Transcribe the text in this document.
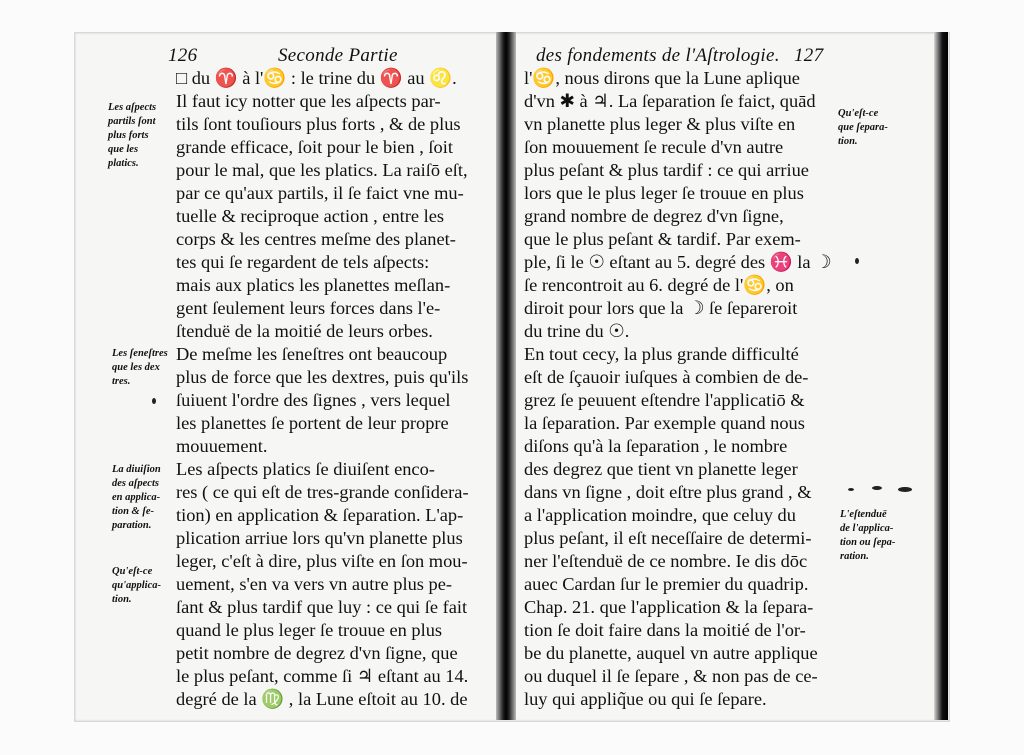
126	Seconde Partie
□ du ♈ à l'♋ : le trine du ♈ au ♌.
Il faut icy notter que les aſpects par-
tils ſont touſiours plus forts , & de plus
grande efficace, ſoit pour le bien , ſoit
pour le mal, que les platics. La raiſō eſt,
par ce qu'aux partils, il ſe faict vne mu-
tuelle & reciproque action , entre les
corps & les centres meſme des planet-
tes qui ſe regardent de tels aſpects:
mais aux platics les planettes meſlan-
gent ſeulement leurs forces dans l'e-
ſtenduë de la moitié de leurs orbes.
De meſme les ſeneſtres ont beaucoup
plus de force que les dextres, puis qu'ils
ſuiuent l'ordre des ſignes , vers lequel
les planettes ſe portent de leur propre
mouuement.
Les aſpects platics ſe diuiſent enco-
res ( ce qui eſt de tres-grande conſidera-
tion) en application & ſeparation. L'ap-
plication arriue lors qu'vn planette plus
leger, c'eſt à dire, plus viſte en ſon mou-
uement, s'en va vers vn autre plus pe-
ſant & plus tardif que luy : ce qui ſe fait
quand le plus leger ſe trouue en plus
petit nombre de degrez d'vn ſigne, que
le plus peſant, comme ſi ♃ eſtant au 14.
degré de la ♍ , la Lune eſtoit au 10. de
Les aſpects
partils ſont
plus forts
que les
platics.
Les ſeneſtres
que les dex
tres.
La diuiſion
des aſpects
en applica-
tion & ſe-
paration.
Qu'eſt-ce
qu'applica-
tion.
des fondements de l'Aſtrologie. 127
l'♋, nous dirons que la Lune aplique
d'vn ✱ à ♃. La ſeparation ſe faict, quād
vn planette plus leger & plus viſte en
ſon mouuement ſe recule d'vn autre
plus peſant & plus tardif : ce qui arriue
lors que le plus leger ſe trouue en plus
grand nombre de degrez d'vn ſigne,
que le plus peſant & tardif. Par exem-
ple, ſi le ☉ eſtant au 5. degré des ♓ la ☽
ſe rencontroit au 6. degré de l'♋, on
diroit pour lors que la ☽ ſe ſepareroit
du trine du ☉.
En tout cecy, la plus grande difficulté
eſt de ſçauoir iuſques à combien de de-
grez ſe peuuent eſtendre l'applicatiō &
la ſeparation. Par exemple quand nous
diſons qu'à la ſeparation , le nombre
des degrez que tient vn planette leger
dans vn ſigne , doit eſtre plus grand , &
a l'application moindre, que celuy du
plus peſant, il eſt neceſſaire de determi-
ner l'eſtenduë de ce nombre. Ie dis dōc
auec Cardan ſur le premier du quadrip.
Chap. 21. que l'application & la ſepara-
tion ſe doit faire dans la moitié de l'or-
be du planette, auquel vn autre applique
ou duquel il ſe ſepare , & non pas de ce-
luy qui appliq̃ue ou qui ſe ſepare.
Qu'eſt-ce
que ſepara-
tion.
L'eſtenduë
de l'applica-
tion ou ſepa-
ration.
